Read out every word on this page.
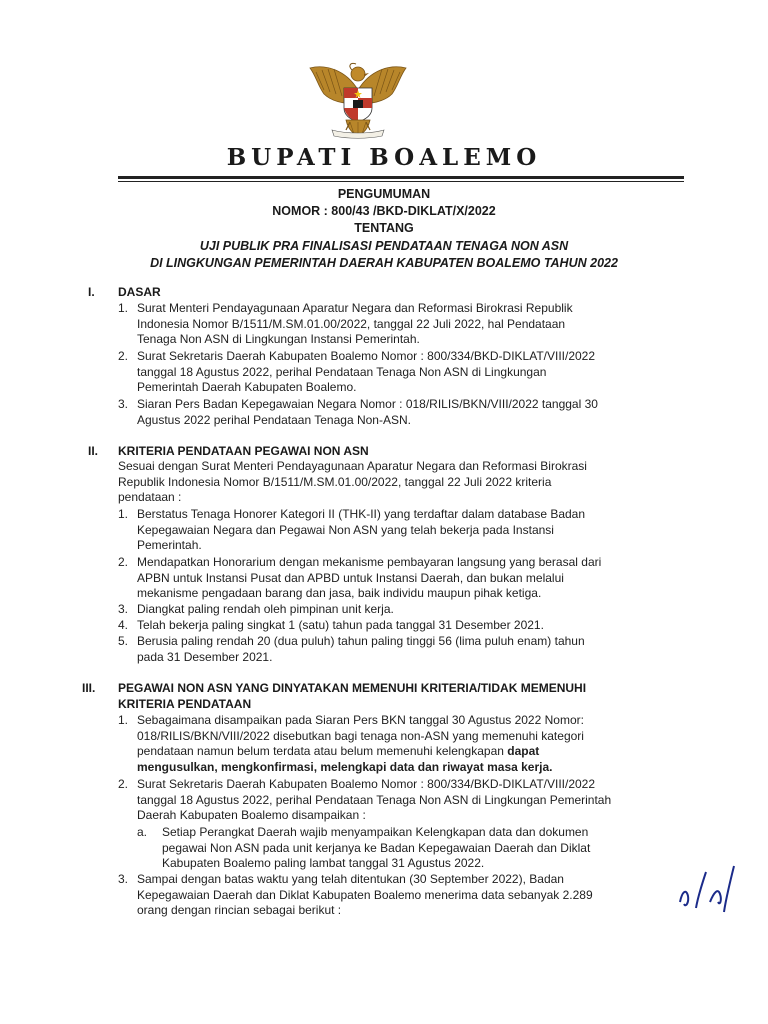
BUPATI BOALEMO
PENGUMUMAN
NOMOR : 800/43 /BKD-DIKLAT/X/2022
TENTANG
UJI PUBLIK PRA FINALISASI PENDATAAN TENAGA NON ASN
DI LINGKUNGAN PEMERINTAH DAERAH KABUPATEN BOALEMO TAHUN 2022
I. DASAR
1. Surat Menteri Pendayagunaan Aparatur Negara dan Reformasi Birokrasi Republik
Indonesia Nomor B/1511/M.SM.01.00/2022, tanggal 22 Juli 2022, hal Pendataan
Tenaga Non ASN di Lingkungan Instansi Pemerintah.
2. Surat Sekretaris Daerah Kabupaten Boalemo Nomor : 800/334/BKD-DIKLAT/VIII/2022
tanggal 18 Agustus 2022, perihal Pendataan Tenaga Non ASN di Lingkungan
Pemerintah Daerah Kabupaten Boalemo.
3. Siaran Pers Badan Kepegawaian Negara Nomor : 018/RILIS/BKN/VIII/2022 tanggal 30
Agustus 2022 perihal Pendataan Tenaga Non-ASN.
II. KRITERIA PENDATAAN PEGAWAI NON ASN
Sesuai dengan Surat Menteri Pendayagunaan Aparatur Negara dan Reformasi Birokrasi
Republik Indonesia Nomor B/1511/M.SM.01.00/2022, tanggal 22 Juli 2022 kriteria
pendataan :
1. Berstatus Tenaga Honorer Kategori II (THK-II) yang terdaftar dalam database Badan
Kepegawaian Negara dan Pegawai Non ASN yang telah bekerja pada Instansi
Pemerintah.
2. Mendapatkan Honorarium dengan mekanisme pembayaran langsung yang berasal dari
APBN untuk Instansi Pusat dan APBD untuk Instansi Daerah, dan bukan melalui
mekanisme pengadaan barang dan jasa, baik individu maupun pihak ketiga.
3. Diangkat paling rendah oleh pimpinan unit kerja.
4. Telah bekerja paling singkat 1 (satu) tahun pada tanggal 31 Desember 2021.
5. Berusia paling rendah 20 (dua puluh) tahun paling tinggi 56 (lima puluh enam) tahun
pada 31 Desember 2021.
III. PEGAWAI NON ASN YANG DINYATAKAN MEMENUHI KRITERIA/TIDAK MEMENUHI
KRITERIA PENDATAAN
1. Sebagaimana disampaikan pada Siaran Pers BKN tanggal 30 Agustus 2022 Nomor:
018/RILIS/BKN/VIII/2022 disebutkan bagi tenaga non-ASN yang memenuhi kategori
pendataan namun belum terdata atau belum memenuhi kelengkapan dapat
mengusulkan, mengkonfirmasi, melengkapi data dan riwayat masa kerja.
2. Surat Sekretaris Daerah Kabupaten Boalemo Nomor : 800/334/BKD-DIKLAT/VIII/2022
tanggal 18 Agustus 2022, perihal Pendataan Tenaga Non ASN di Lingkungan Pemerintah
Daerah Kabupaten Boalemo disampaikan :
a. Setiap Perangkat Daerah wajib menyampaikan Kelengkapan data dan dokumen
pegawai Non ASN pada unit kerjanya ke Badan Kepegawaian Daerah dan Diklat
Kabupaten Boalemo paling lambat tanggal 31 Agustus 2022.
3. Sampai dengan batas waktu yang telah ditentukan (30 September 2022), Badan
Kepegawaian Daerah dan Diklat Kabupaten Boalemo menerima data sebanyak 2.289
orang dengan rincian sebagai berikut :
